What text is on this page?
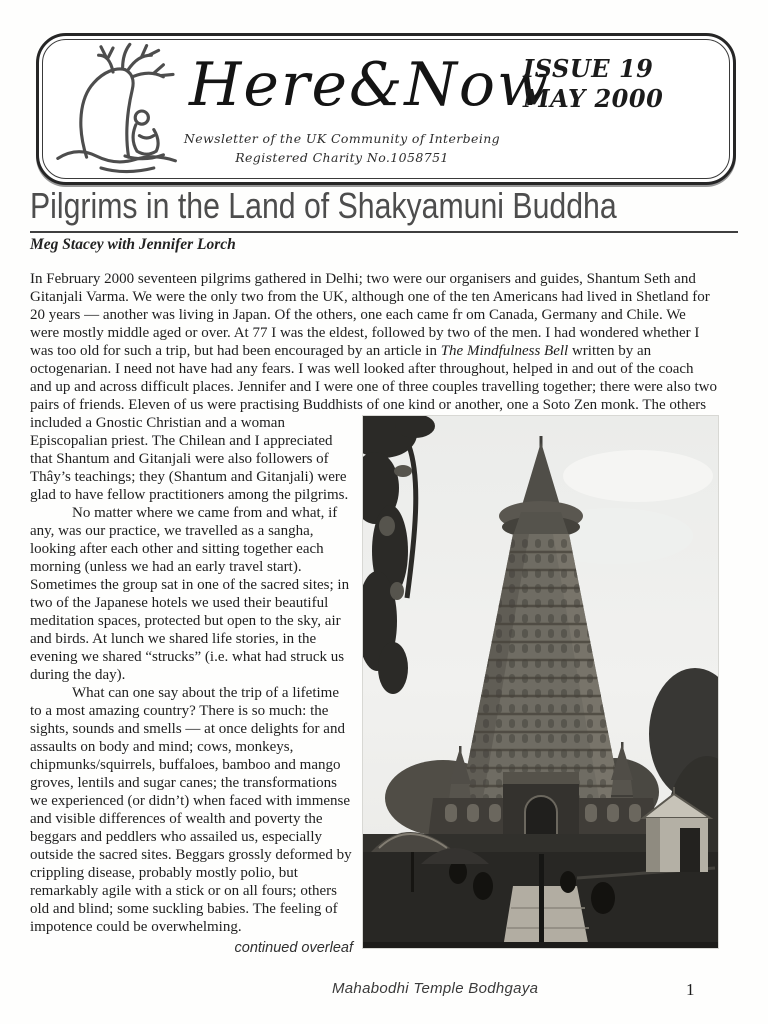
Here&Now
ISSUE 19
MAY 2000
Newsletter of the UK Community of Interbeing
Registered Charity No.1058751
Pilgrims in the Land of Shakyamuni Buddha
Meg Stacey with Jennifer Lorch

In February 2000 seventeen pilgrims gathered in Delhi; two were our organisers and guides, Shantum Seth and Gitanjali Varma. We were the only two from the UK, although one of the ten Americans had lived in Shetland for 20 years — another was living in Japan. Of the others, one each came fr om Canada, Germany and Chile. We were mostly middle aged or over. At 77 I was the eldest, followed by two of the men. I had wondered whether I was too old for such a trip, but had been encouraged by an article in The Mindfulness Bell written by an octogenarian. I need not have had any fears. I was well looked after throughout, helped in and out of the coach and up and across difficult places. Jennifer and I were one of three couples travelling together; there were also two pairs of friends. Eleven of us were practising Buddhists of one kind or another, one a Soto Zen monk. The others included a Gnostic Christian and a
woman Episcopalian priest. The Chilean and I appreciated that Shantum and Gitanjali were also followers of Thây’s teachings; they (Shantum and Gitanjali) were glad to have fellow practitioners among the pilgrims.

No matter where we came from and what, if any, was our practice, we travelled as a sangha, looking after each other and sitting together each morning (unless we had an early travel start). Sometimes the group sat in one of the sacred sites; in two of the Japanese hotels we used their beautiful meditation spaces, protected but open to the sky, air and birds. At lunch we shared life stories, in the evening we shared “strucks” (i.e. what had struck us during the day).

What can one say about the trip of a lifetime to a most amazing country? There is so much: the sights, sounds and smells — at once delights for and assaults on body and mind; cows, monkeys, chipmunks/squirrels, buffaloes, bamboo and mango groves, lentils and sugar canes; the transformations we experienced (or didn’t) when faced with immense and visible differences of wealth and poverty the beggars and peddlers who assailed us, especially outside the sacred sites. Beggars grossly deformed by crippling disease, probably mostly polio, but remarkably agile with a stick or on all fours; others old and blind; some suckling babies. The feeling of impotence could be overwhelming.

continued overleaf
Mahabodhi Temple Bodhgaya	1
